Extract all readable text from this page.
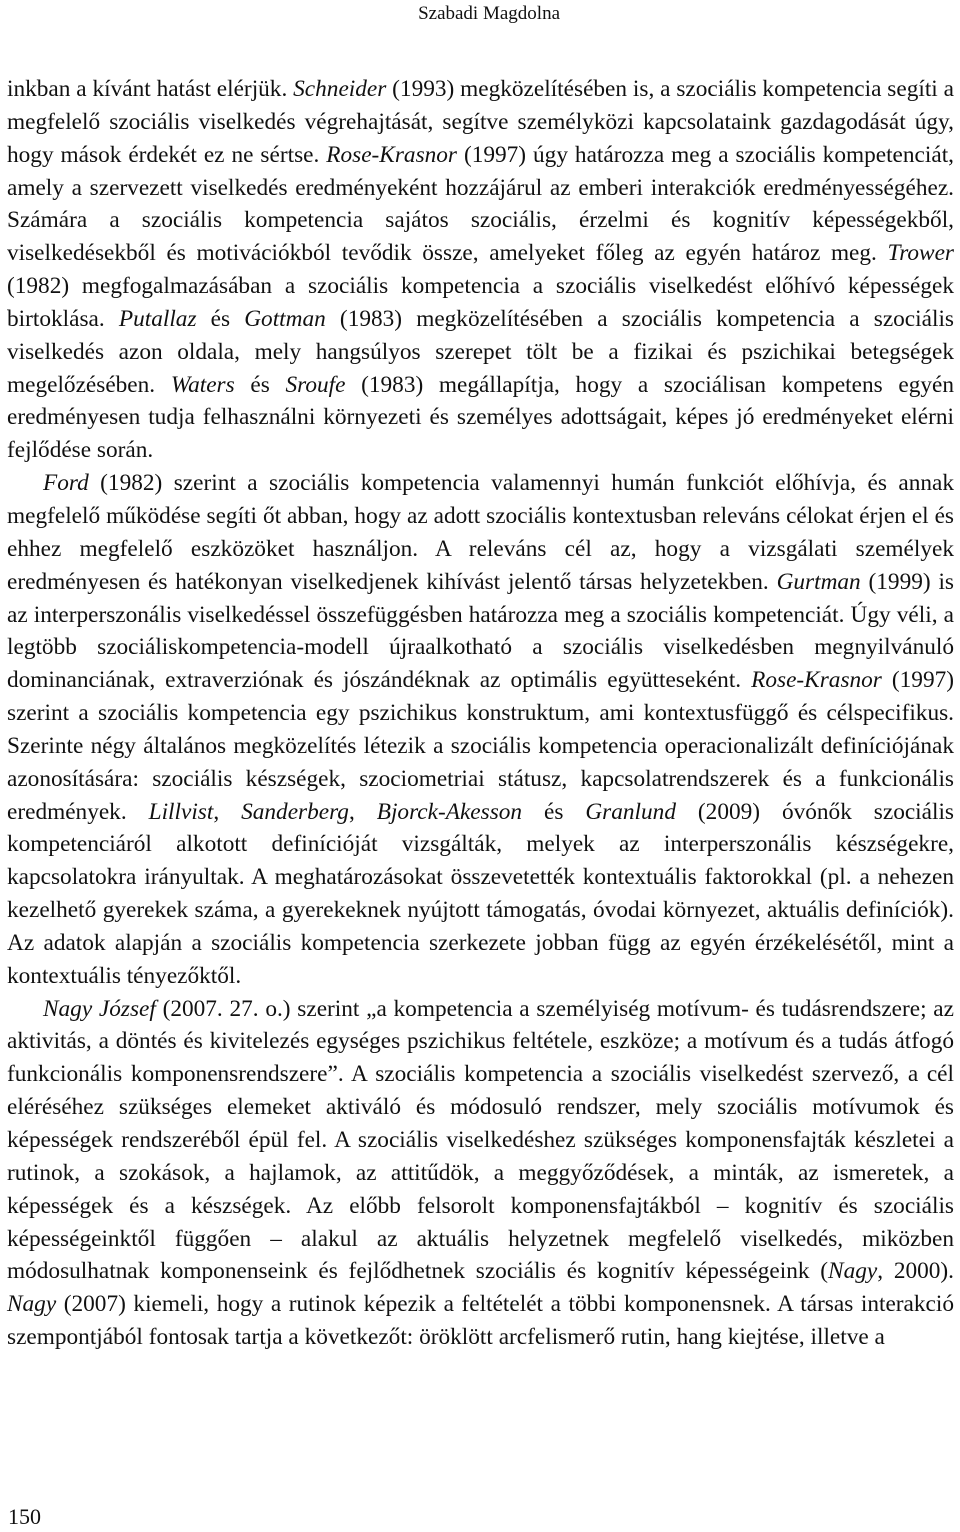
Szabadi Magdolna

inkban a kívánt hatást elérjük. Schneider (1993) megközelítésében is, a szociális kompetencia segíti a megfelelő szociális viselkedés végrehajtását, segítve személyközi kapcsolataink gazdagodását úgy, hogy mások érdekét ez ne sértse. Rose-Krasnor (1997) úgy határozza meg a szociális kompetenciát, amely a szervezett viselkedés eredményeként hozzájárul az emberi interakciók eredményességéhez. Számára a szociális kompetencia sajátos szociális, érzelmi és kognitív képességekből, viselkedésekből és motivációkból tevődik össze, amelyeket főleg az egyén határoz meg. Trower (1982) megfogalmazásában a szociális kompetencia a szociális viselkedést előhívó képességek birtoklása. Putallaz és Gottman (1983) megközelítésében a szociális kompetencia a szociális viselkedés azon oldala, mely hangsúlyos szerepet tölt be a fizikai és pszichikai betegségek megelőzésében. Waters és Sroufe (1983) megállapítja, hogy a szociálisan kompetens egyén eredményesen tudja felhasználni környezeti és személyes adottságait, képes jó eredményeket elérni fejlődése során.

Ford (1982) szerint a szociális kompetencia valamennyi humán funkciót előhívja, és annak megfelelő működése segíti őt abban, hogy az adott szociális kontextusban releváns célokat érjen el és ehhez megfelelő eszközöket használjon. A releváns cél az, hogy a vizsgálati személyek eredményesen és hatékonyan viselkedjenek kihívást jelentő társas helyzetekben. Gurtman (1999) is az interperszonális viselkedéssel összefüggésben határozza meg a szociális kompetenciát. Úgy véli, a legtöbb szociáliskompetencia-modell újraalkotható a szociális viselkedésben megnyilvánuló dominanciának, extraverziónak és jószándéknak az optimális együtteseként. Rose-Krasnor (1997) szerint a szociális kompetencia egy pszichikus konstruktum, ami kontextusfüggő és célspecifikus. Szerinte négy általános megközelítés létezik a szociális kompetencia operacionalizált definíciójának azonosítására: szociális készségek, szociometriai státusz, kapcsolatrendszerek és a funkcionális eredmények. Lillvist, Sanderberg, Bjorck-Akesson és Granlund (2009) óvónők szociális kompetenciáról alkotott definícióját vizsgálták, melyek az interperszonális készségekre, kapcsolatokra irányultak. A meghatározásokat összevetették kontextuális faktorokkal (pl. a nehezen kezelhető gyerekek száma, a gyerekeknek nyújtott támogatás, óvodai környezet, aktuális definíciók). Az adatok alapján a szociális kompetencia szerkezete jobban függ az egyén érzékelésétől, mint a kontextuális tényezőktől.

Nagy József (2007. 27. o.) szerint „a kompetencia a személyiség motívum- és tudásrendszere; az aktivitás, a döntés és kivitelezés egységes pszichikus feltétele, eszköze; a motívum és a tudás átfogó funkcionális komponensrendszere”. A szociális kompetencia a szociális viselkedést szervező, a cél eléréséhez szükséges elemeket aktiváló és módosuló rendszer, mely szociális motívumok és képességek rendszeréből épül fel. A szociális viselkedéshez szükséges komponensfajták készletei a rutinok, a szokások, a hajlamok, az attitűdök, a meggyőződések, a minták, az ismeretek, a képességek és a készségek. Az előbb felsorolt komponensfajtákból – kognitív és szociális képességeinktől függően – alakul az aktuális helyzetnek megfelelő viselkedés, miközben módosulhatnak komponenseink és fejlődhetnek szociális és kognitív képességeink (Nagy, 2000). Nagy (2007) kiemeli, hogy a rutinok képezik a feltételét a többi komponensnek. A társas interakció szempontjából fontosak tartja a következőt: öröklött arcfelismerő rutin, hang kiejtése, illetve a

150
